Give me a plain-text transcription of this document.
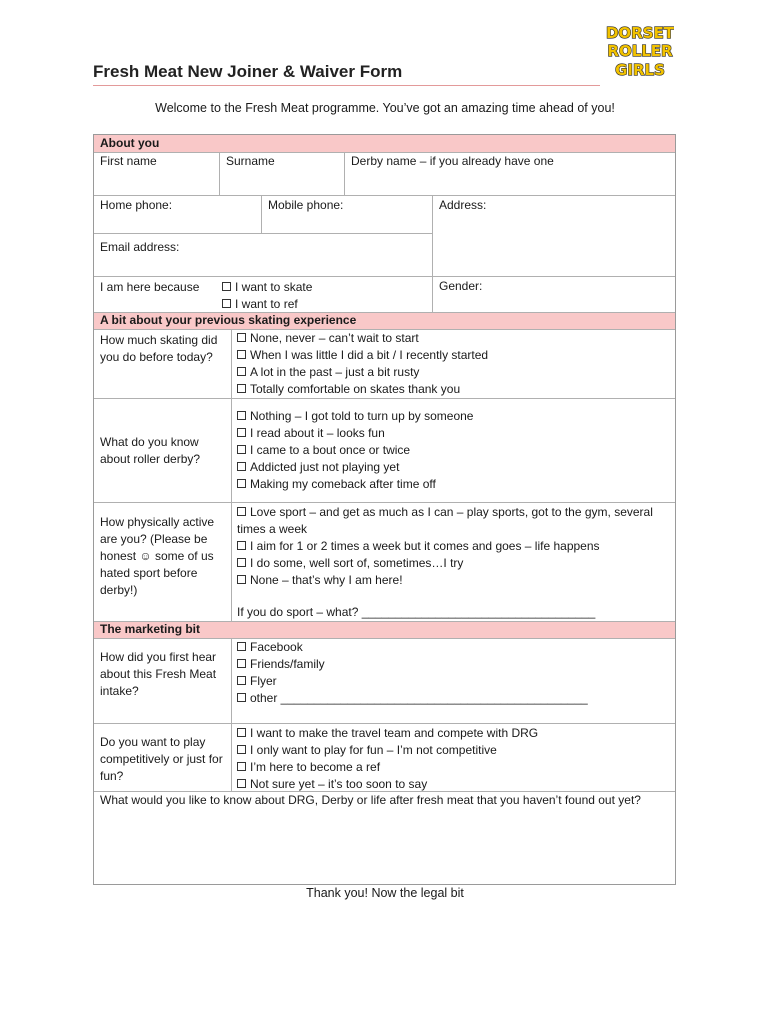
Fresh Meat New Joiner & Waiver Form
DORSET
ROLLER
GIRLS
Welcome to the Fresh Meat programme. You’ve got an amazing time ahead of you!
About you
First name	Surname	Derby name – if you already have one
Home phone:	Mobile phone:	Address:
Email address:
I am here because	I want to skate
I want to ref
Gender:
A bit about your previous skating experience
How much skating did you do before today?
None, never – can’t wait to start
When I was little I did a bit / I recently started
A lot in the past – just a bit rusty
Totally comfortable on skates thank you
What do you know about roller derby?
Nothing – I got told to turn up by someone
I read about it – looks fun
I came to a bout once or twice
Addicted just not playing yet
Making my comeback after time off
How physically active are you? (Please be honest ☺ some of us hated sport before derby!)
Love sport – and get as much as I can – play sports, got to the gym, several times a week
I aim for 1 or 2 times a week but it comes and goes – life happens
I do some, well sort of, sometimes…I try
None – that’s why I am here!
If you do sport – what? ___________________________________
The marketing bit
How did you first hear about this Fresh Meat intake?
Facebook
Friends/family
Flyer
other ______________________________________________
Do you want to play competitively or just for fun?
I want to make the travel team and compete with DRG
I only want to play for fun – I’m not competitive
I’m here to become a ref
Not sure yet – it’s too soon to say
What would you like to know about DRG, Derby or life after fresh meat that you haven’t found out yet?
Thank you! Now the legal bit
